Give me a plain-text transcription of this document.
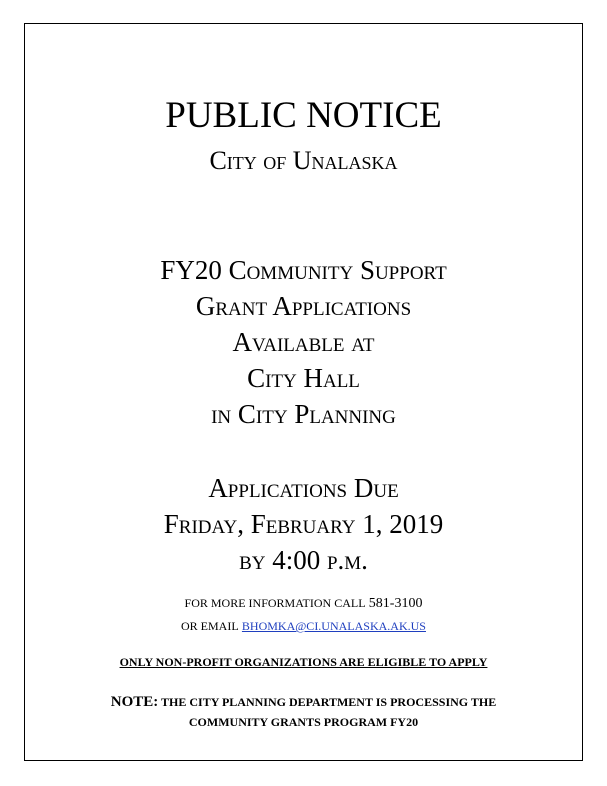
PUBLIC NOTICE
City of Unalaska
FY20 Community Support
Grant Applications
Available at
City Hall
in City Planning
Applications Due
Friday, February 1, 2019
by 4:00 p.m.
FOR MORE INFORMATION CALL 581-3100
OR EMAIL BHOMKA@CI.UNALASKA.AK.US
ONLY NON-PROFIT ORGANIZATIONS ARE ELIGIBLE TO APPLY
NOTE: THE CITY PLANNING DEPARTMENT IS PROCESSING THE
COMMUNITY GRANTS PROGRAM FY20
